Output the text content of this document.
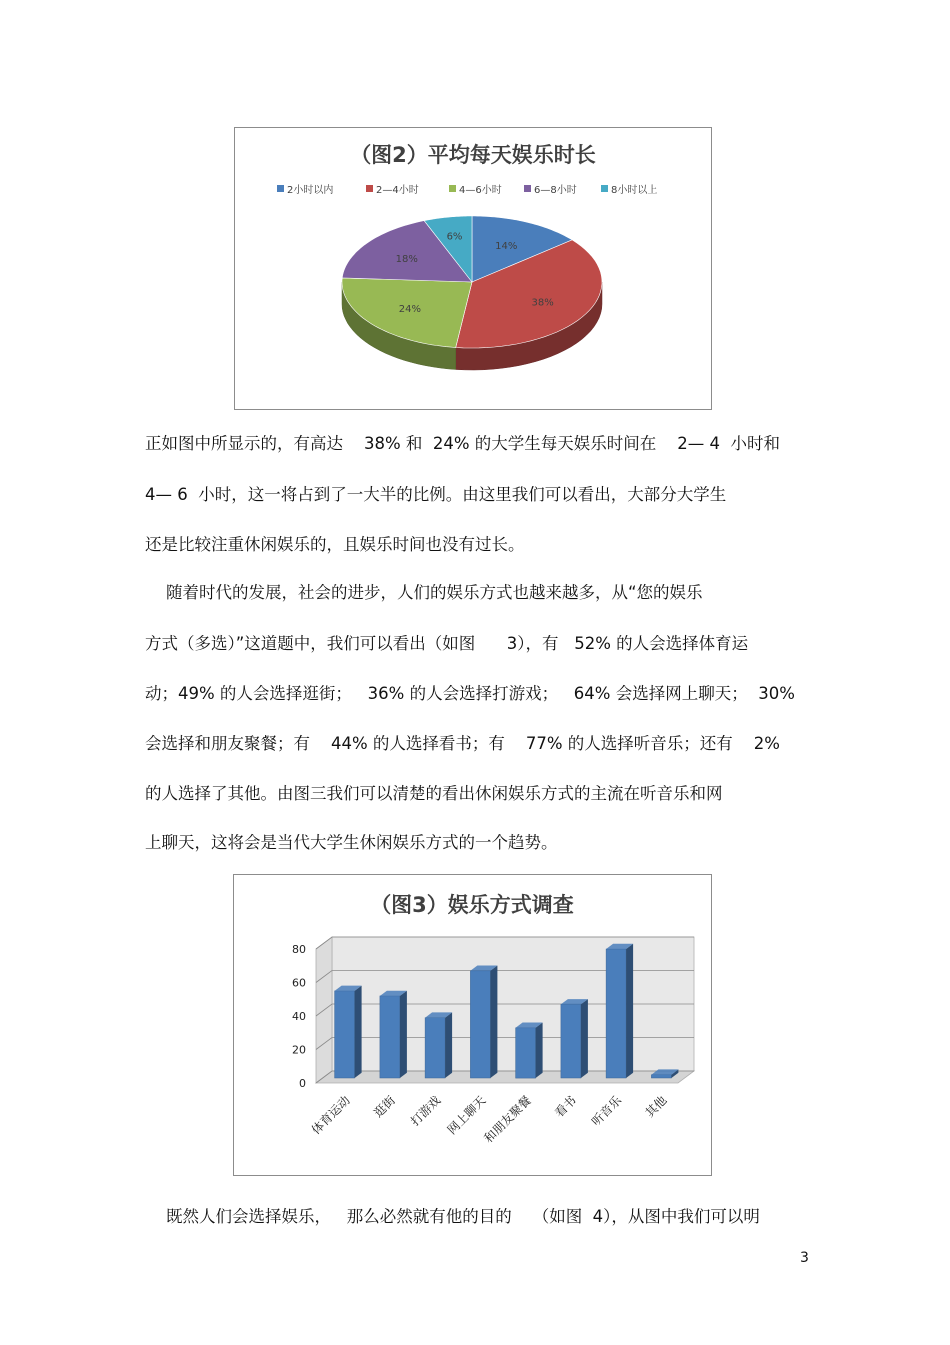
（图2）平均每天娱乐时长
2小时以内	2—4小时	4—6小时	6—8小时	8小时以上
14%
38%
24%
18%
6%
正如图中所显示的，有高达    38% 和  24% 的大学生每天娱乐时间在    2— 4  小时和
4— 6  小时，这一将占到了一大半的比例。由这里我们可以看出，大部分大学生
还是比较注重休闲娱乐的，且娱乐时间也没有过长。
随着时代的发展，社会的进步，人们的娱乐方式也越来越多，从“您的娱乐
方式（多选）”这道题中，我们可以看出（如图      3），有   52% 的人会选择体育运
动；49% 的人会选择逛街；   36% 的人会选择打游戏；   64% 会选择网上聊天；  30%
会选择和朋友聚餐；有    44% 的人选择看书；有    77% 的人选择听音乐；还有    2%
的人选择了其他。由图三我们可以清楚的看出休闲娱乐方式的主流在听音乐和网
上聊天，这将会是当代大学生休闲娱乐方式的一个趋势。
（图3）娱乐方式调查
80
60
40
20
0
体育运动 逛街 打游戏 网上聊天
和朋友聚餐 看书 听音乐 其他
既然人们会选择娱乐，   那么必然就有他的目的    （如图  4），从图中我们可以明
3
